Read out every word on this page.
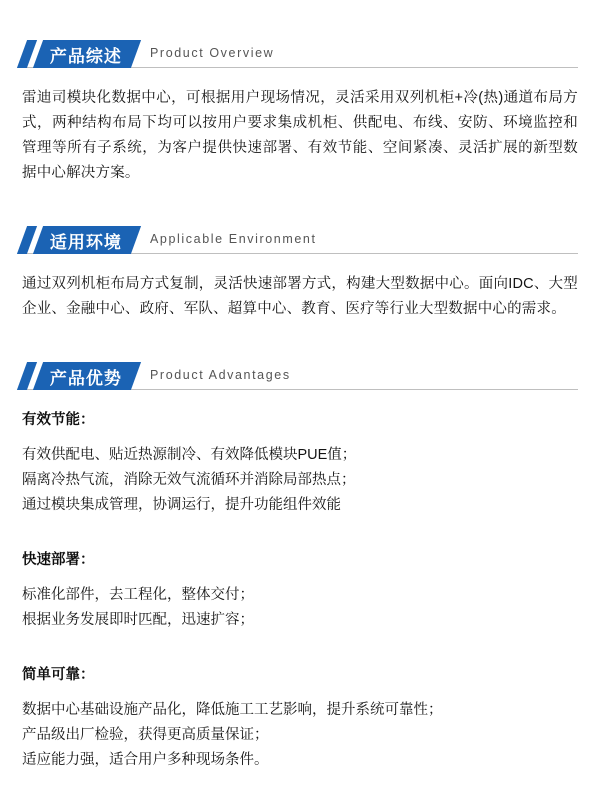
产品综述 Product Overview

雷迪司模块化数据中心，可根据用户现场情况，灵活采用双列机柜+冷(热)通道布局方式，两种结构布局下均可以按用户要求集成机柜、供配电、布线、安防、环境监控和管理等所有子系统，为客户提供快速部署、有效节能、空间紧凑、灵活扩展的新型数据中心解决方案。

适用环境 Applicable Environment

通过双列机柜布局方式复制，灵活快速部署方式，构建大型数据中心。面向IDC、大型企业、金融中心、政府、军队、超算中心、教育、医疗等行业大型数据中心的需求。

产品优势 Product Advantages
有效节能：
有效供配电、贴近热源制冷、有效降低模块PUE值；
隔离冷热气流，消除无效气流循环并消除局部热点；
通过模块集成管理，协调运行，提升功能组件效能
快速部署：
标准化部件，去工程化，整体交付；
根据业务发展即时匹配，迅速扩容；
简单可靠：
数据中心基础设施产品化，降低施工工艺影响，提升系统可靠性；
产品级出厂检验，获得更高质量保证；
适应能力强，适合用户多种现场条件。
